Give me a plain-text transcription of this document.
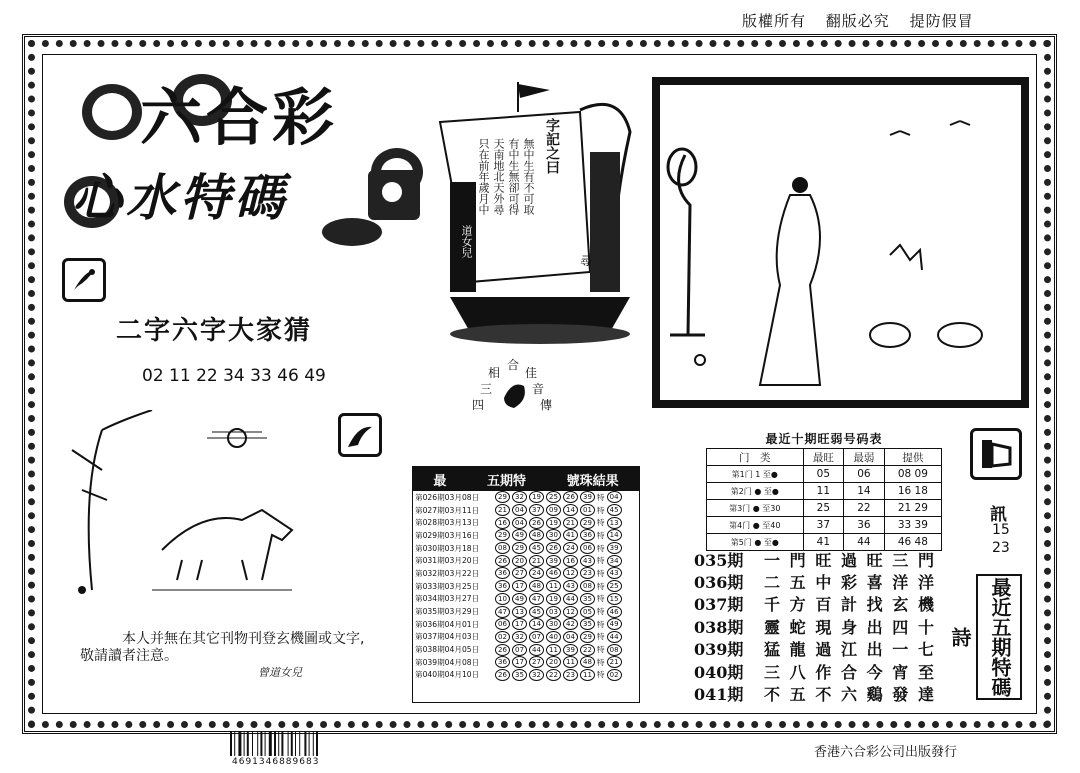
版權所有 翻版必究 提防假冒
六合彩
心水特碼
二字六字大家猜
02 11 22 34 33 46 49
字記之曰
無中生有不可取
有中生無卻可得
天南地北天外尋
只在前年歲月中
道女兒
尋
合
佳
相
三	音
四	傳
本人并無在其它刊物刊登玄機圖或文字,
敬請讀者注意。
曾道女兒
最	五期特	號珠結果
第026期03月08日	29	32	19	25	26	39 特 04
第027期03月11日	21	04	37	09	14	01 特 45
第028期03月13日	16	04	26	19	21	29 特 13
第029期03月16日	29	49	48	30	41	36 特 14
第030期03月18日	08	29	45	26	24	06 特 39
第031期03月20日	26	20	21	39	16	43 特 34
第032期03月22日	36	27	24	46	12	23 特 43
第033期03月25日	36	17	48	11	43	08 特 25
第034期03月27日	10	49	47	19	44	35 特 15
第035期03月29日	47	13	45	03	12	05 特 46
第036期04月01日	06	17	14	30	42	35 特 49
第037期04月03日	02	32	07	40	04	29 特 44
第038期04月05日	26	07	44	11	39	22 特 08
第039期04月08日	36	17	27	20	11	48 特 21
第040期04月10日	26	35	32	22	23	11 特 02
最近十期旺弱号码表
门　类	最旺	最弱	提供
第1门 1 至●	05	06	08 09
第2门 ● 至●	11	14	16 18
第3门 ● 至30	25	22	21 29
第4门 ● 至40	37	36	33 39
第5门 ● 至●	41	44	46 48
訊
15
23
035期	一 門 旺 過 旺 三 門
036期	二 五 中 彩 喜 洋 洋
037期	千 方 百 計 找 玄 機
038期	靈 蛇 現 身 出 四 十
039期	猛 龍 過 江 出 一 七
040期	三 八 作 合 今 宵 至
041期	不 五 不 六 鷄 發 達	最近五期特碼詩
4691346889683
香港六合彩公司出版發行
